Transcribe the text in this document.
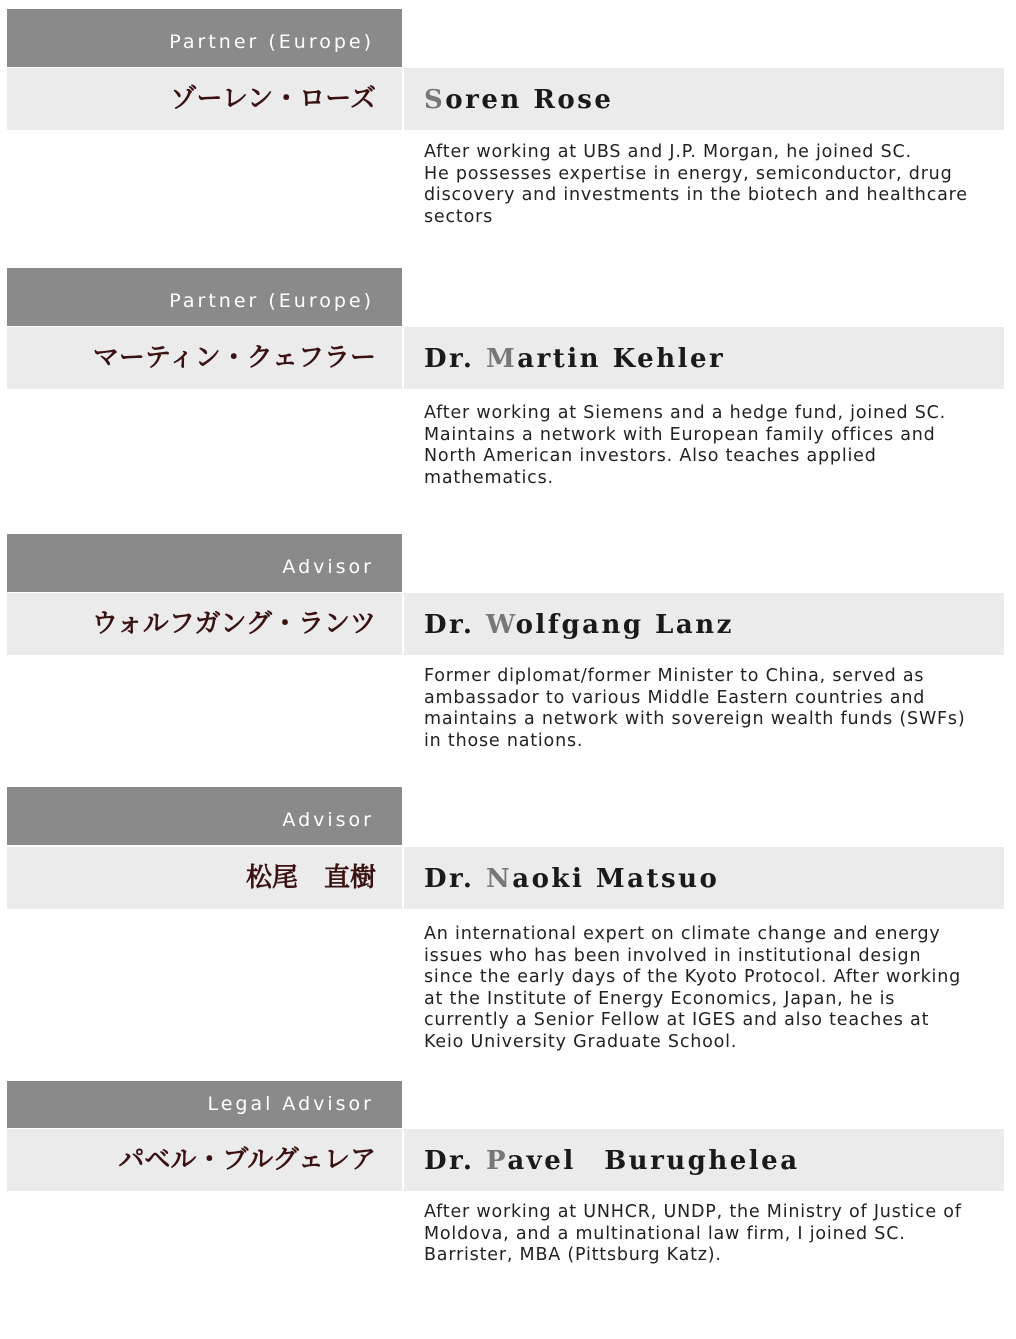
Partner (Europe)
ゾーレン・ローズ	Soren Rose
After working at UBS and J.P. Morgan, he joined SC.
He possesses expertise in energy, semiconductor, drug
discovery and investments in the biotech and healthcare
sectors
Partner (Europe)
マーティン・クェフラー	Dr. Martin Kehler
After working at Siemens and a hedge fund, joined SC.
Maintains a network with European family offices and
North American investors. Also teaches applied
mathematics.
Advisor
ウォルフガング・ランツ	Dr. Wolfgang Lanz
Former diplomat/former Minister to China, served as
ambassador to various Middle Eastern countries and
maintains a network with sovereign wealth funds (SWFs)
in those nations.
Advisor
松尾　直樹	Dr. Naoki Matsuo
An international expert on climate change and energy
issues who has been involved in institutional design
since the early days of the Kyoto Protocol. After working
at the Institute of Energy Economics, Japan, he is
currently a Senior Fellow at IGES and also teaches at
Keio University Graduate School.
Legal Advisor
パベル・ブルグェレア	Dr. Pavel　Burughelea
After working at UNHCR, UNDP, the Ministry of Justice of
Moldova, and a multinational law firm, I joined SC.
Barrister, MBA (Pittsburg Katz).
